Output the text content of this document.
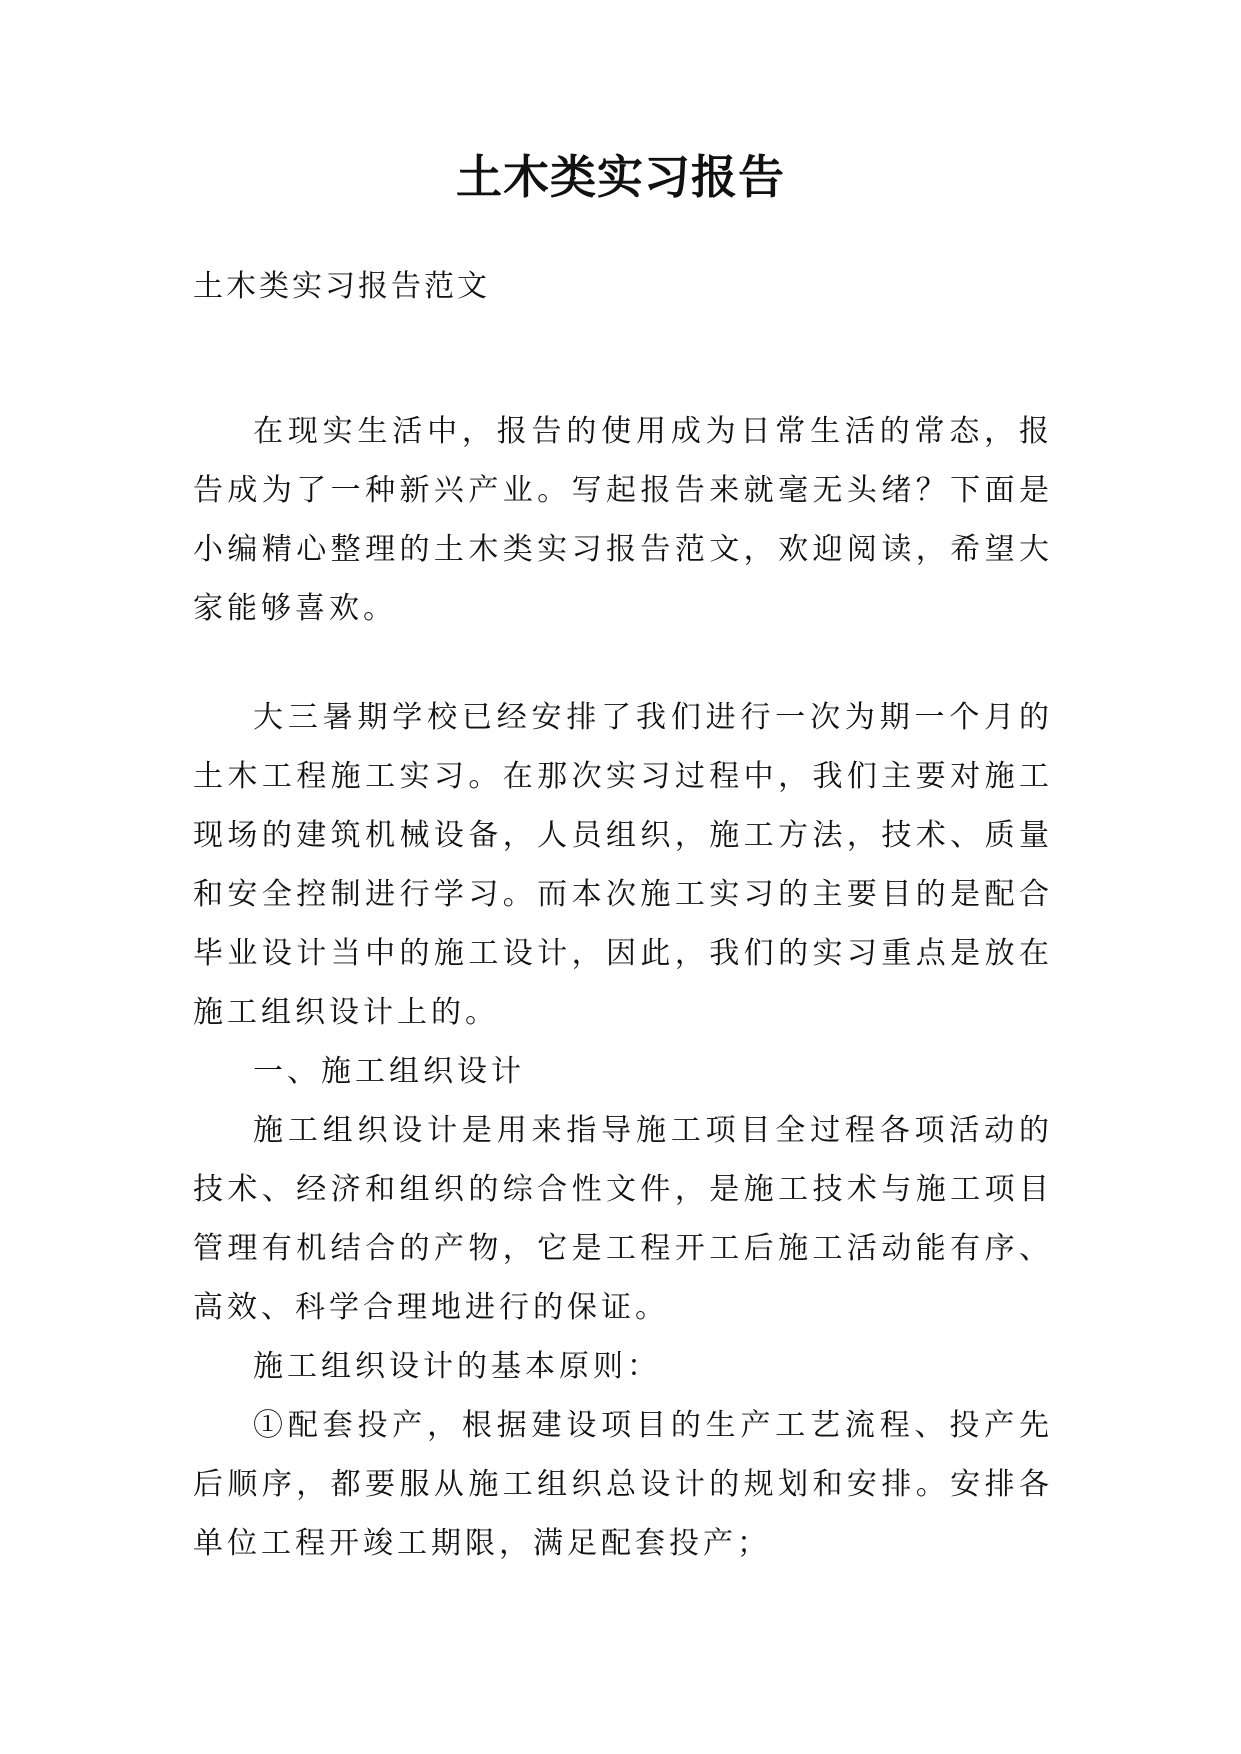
土木类实习报告
土木类实习报告范文

在现实生活中，报告的使用成为日常生活的常态，报告成为了一种新兴产业。写起报告来就毫无头绪？下面是小编精心整理的土木类实习报告范文，欢迎阅读，希望大家能够喜欢。

大三暑期学校已经安排了我们进行一次为期一个月的土木工程施工实习。在那次实习过程中，我们主要对施工现场的建筑机械设备，人员组织，施工方法，技术、质量和安全控制进行学习。而本次施工实习的主要目的是配合毕业设计当中的施工设计，因此，我们的实习重点是放在施工组织设计上的。

一、施工组织设计

施工组织设计是用来指导施工项目全过程各项活动的技术、经济和组织的综合性文件，是施工技术与施工项目管理有机结合的产物，它是工程开工后施工活动能有序、高效、科学合理地进行的保证。

施工组织设计的基本原则：

①配套投产，根据建设项目的生产工艺流程、投产先后顺序，都要服从施工组织总设计的规划和安排。安排各单位工程开竣工期限，满足配套投产；
